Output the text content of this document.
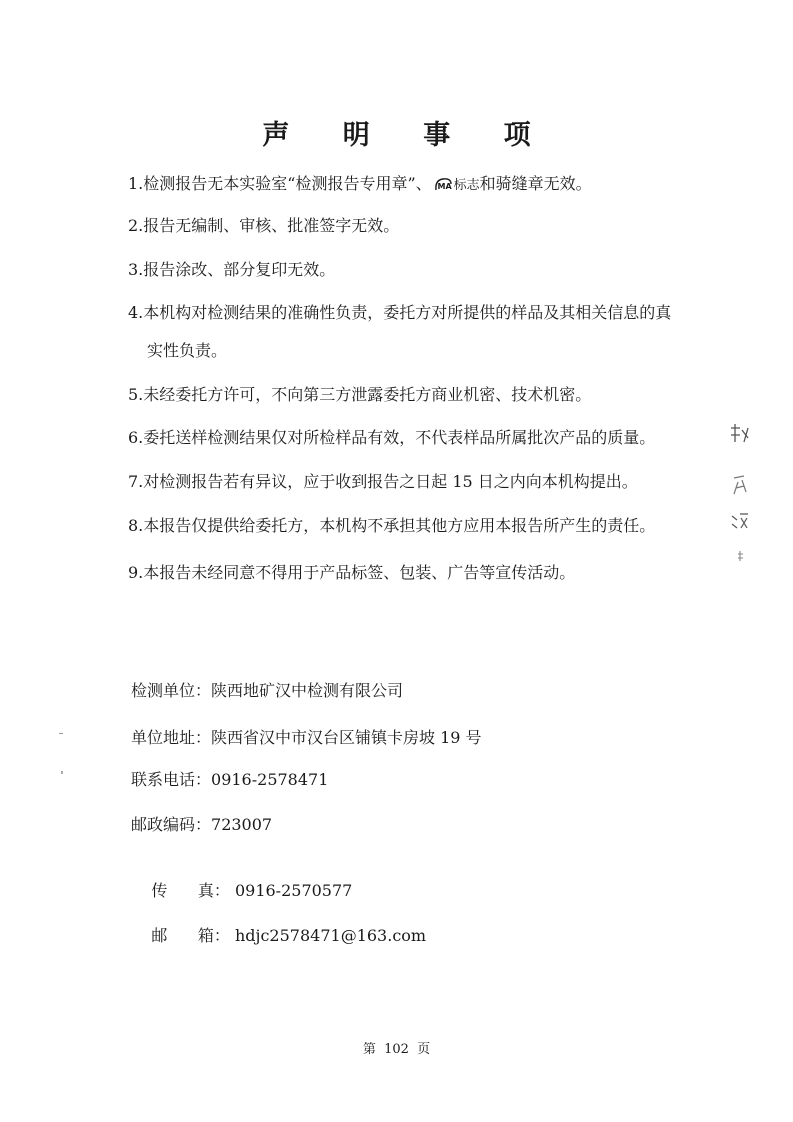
声 明 事 项
1.检测报告无本实验室“检测报告专用章”、 MA 标志和骑缝章无效。
2.报告无编制、审核、批准签字无效。
3.报告涂改、部分复印无效。
4.本机构对检测结果的准确性负责，委托方对所提供的样品及其相关信息的真
实性负责。
5.未经委托方许可，不向第三方泄露委托方商业机密、技术机密。
6.委托送样检测结果仅对所检样品有效，不代表样品所属批次产品的质量。
7.对检测报告若有异议，应于收到报告之日起 15 日之内向本机构提出。
8.本报告仅提供给委托方，本机构不承担其他方应用本报告所产生的责任。
9.本报告未经同意不得用于产品标签、包装、广告等宣传活动。
检测单位：陕西地矿汉中检测有限公司
单位地址：陕西省汉中市汉台区铺镇卡房坡 19 号
联系电话：0916-2578471
邮政编码：723007

传      真： 0916-2570577

邮      箱： hdjc2578471@163.com

第  102  页
